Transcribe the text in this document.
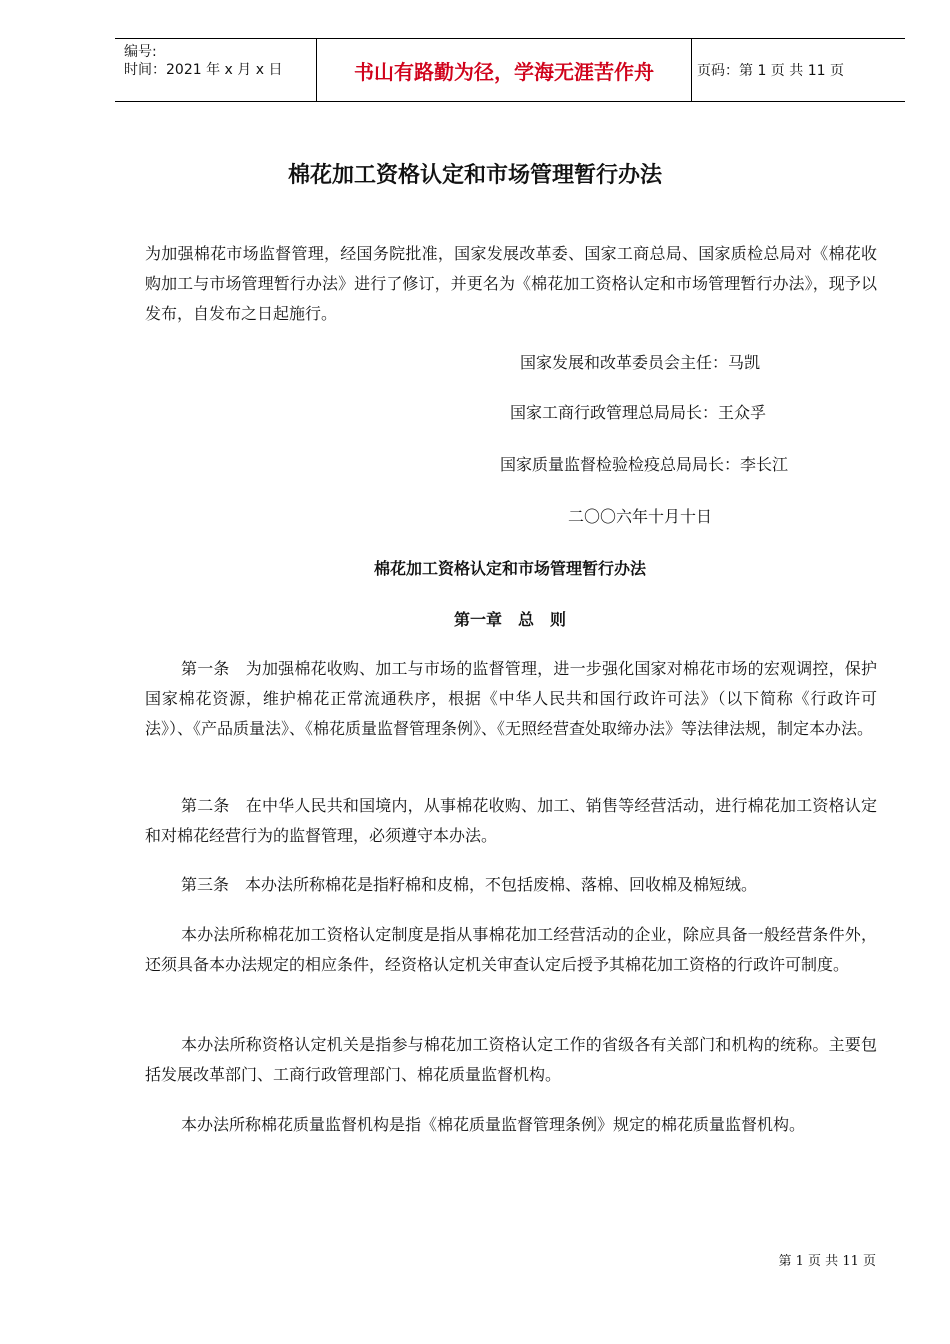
编号:
时间：2021 年 x 月 x 日	书山有路勤为径，学海无涯苦作舟	页码：第 1 页 共 11 页
棉花加工资格认定和市场管理暂行办法

为加强棉花市场监督管理，经国务院批准，国家发展改革委、国家工商总局、国家质检总局对《棉花收购加工与市场管理暂行办法》进行了修订，并更名为《棉花加工资格认定和市场管理暂行办法》，现予以发布，自发布之日起施行。

国家发展和改革委员会主任：马凯
国家工商行政管理总局局长：王众孚
国家质量监督检验检疫总局局长：李长江
二〇〇六年十月十日
棉花加工资格认定和市场管理暂行办法
第一章　总　则

第一条　为加强棉花收购、加工与市场的监督管理，进一步强化国家对棉花市场的宏观调控，保护国家棉花资源，维护棉花正常流通秩序，根据《中华人民共和国行政许可法》（以下简称《行政许可法》）、《产品质量法》、《棉花质量监督管理条例》、《无照经营查处取缔办法》等法律法规，制定本办法。

第二条　在中华人民共和国境内，从事棉花收购、加工、销售等经营活动，进行棉花加工资格认定和对棉花经营行为的监督管理，必须遵守本办法。

第三条　本办法所称棉花是指籽棉和皮棉，不包括废棉、落棉、回收棉及棉短绒。

本办法所称棉花加工资格认定制度是指从事棉花加工经营活动的企业，除应具备一般经营条件外，还须具备本办法规定的相应条件，经资格认定机关审查认定后授予其棉花加工资格的行政许可制度。

本办法所称资格认定机关是指参与棉花加工资格认定工作的省级各有关部门和机构的统称。主要包括发展改革部门、工商行政管理部门、棉花质量监督机构。

本办法所称棉花质量监督机构是指《棉花质量监督管理条例》规定的棉花质量监督机构。

第 1 页 共 11 页
